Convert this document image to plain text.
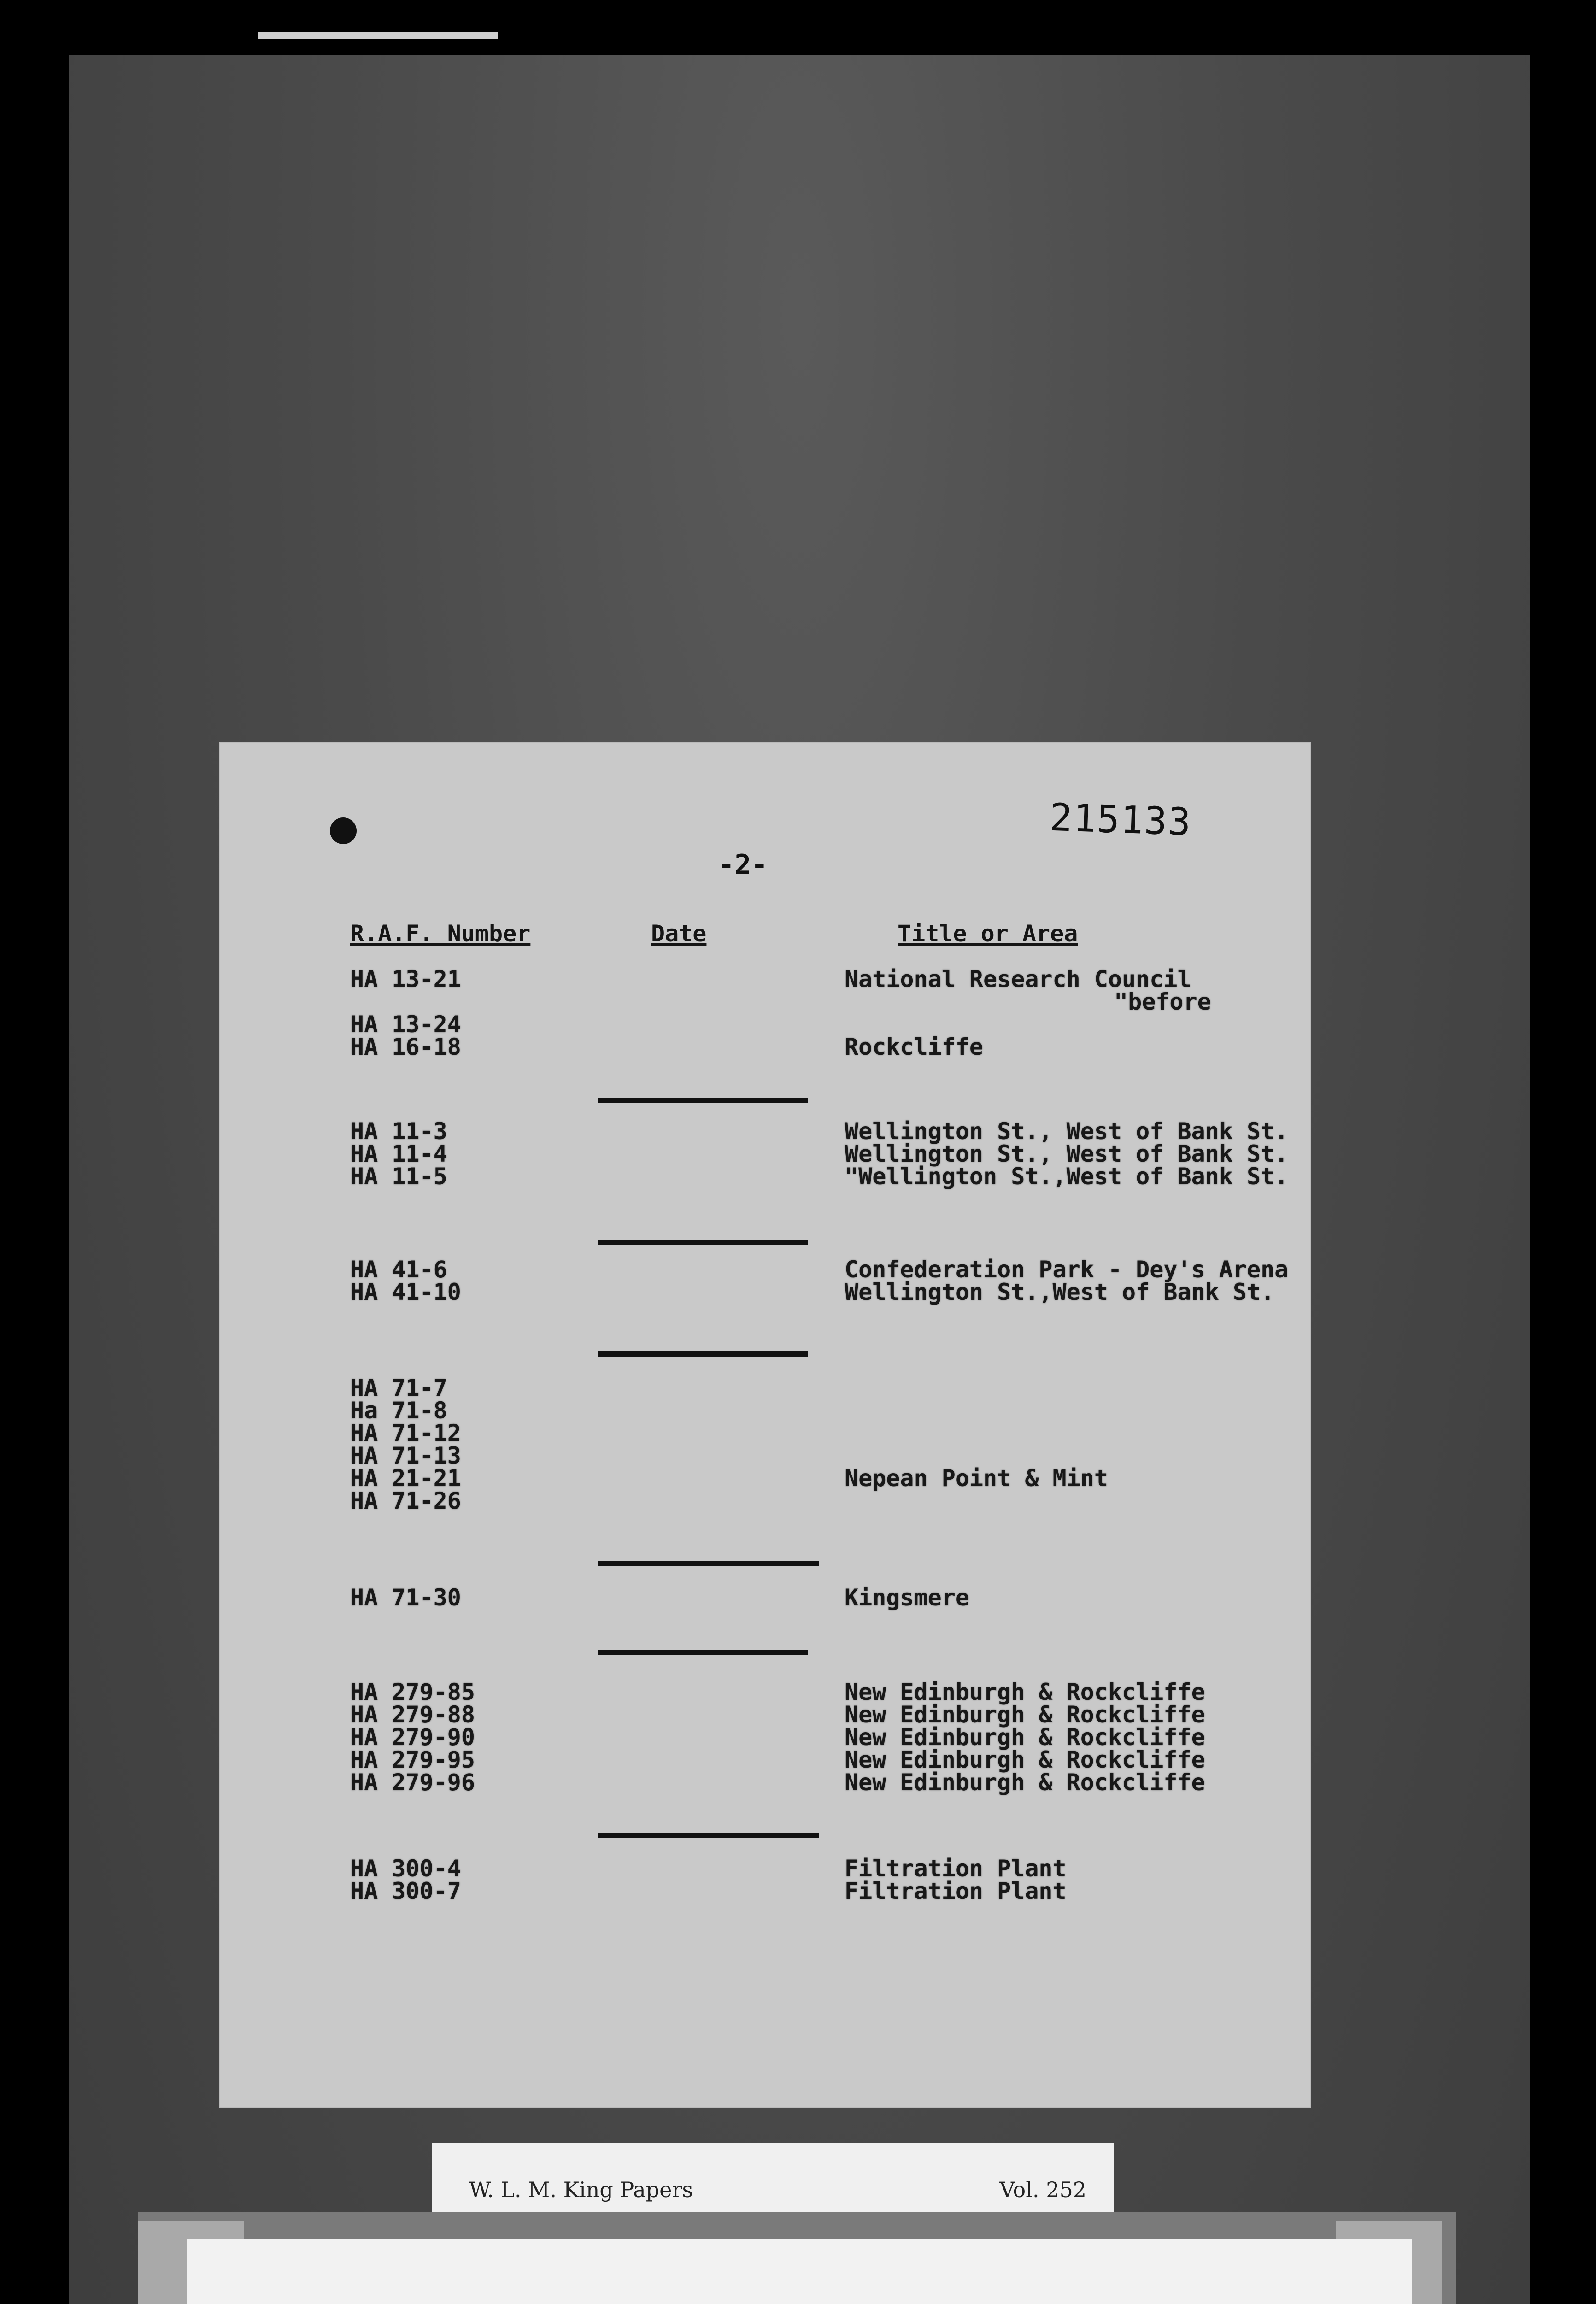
215133
-2-
R.A.F. Number	Date	Title or Area
HA 13-21	National Research Council
"before
HA 13-24
HA 16-18	Rockcliffe
HA 11-3	Wellington St., West of Bank St.
HA 11-4	Wellington St., West of Bank St.
HA 11-5	"Wellington St.,West of Bank St.
HA 41-6	Confederation Park - Dey's Arena
HA 41-10	Wellington St.,West of Bank St.
HA 71-7
Ha 71-8
HA 71-12
HA 71-13
HA 21-21	Nepean Point & Mint
HA 71-26
HA 71-30	Kingsmere
HA 279-85	New Edinburgh & Rockcliffe
HA 279-88	New Edinburgh & Rockcliffe
HA 279-90	New Edinburgh & Rockcliffe
HA 279-95	New Edinburgh & Rockcliffe
HA 279-96	New Edinburgh & Rockcliffe
HA 300-4	Filtration Plant
HA 300-7	Filtration Plant
W. L. M. King Papers	Vol. 252
